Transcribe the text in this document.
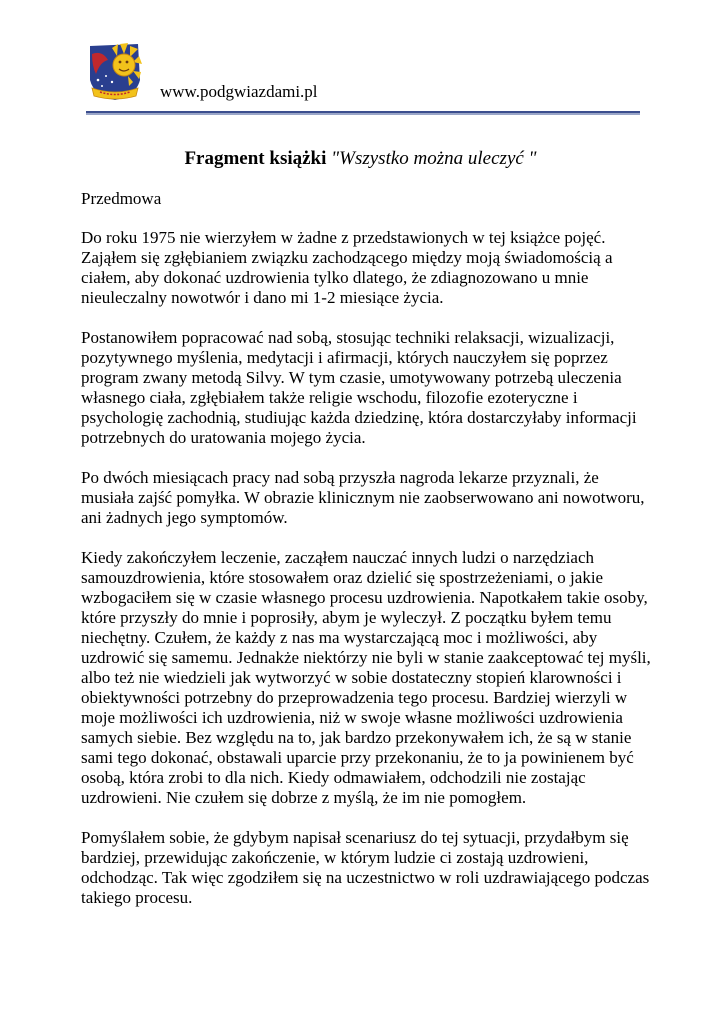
www.podgwiazdami.pl
Fragment książki "Wszystko można uleczyć "

Przedmowa

Do roku 1975 nie wierzyłem w żadne z przedstawionych w tej książce pojęć. Zająłem się zgłębianiem związku zachodzącego między moją świadomością a ciałem, aby dokonać uzdrowienia tylko dlatego, że zdiagnozowano u mnie nieuleczalny nowotwór i dano mi 1-2 miesiące życia.

Postanowiłem popracować nad sobą, stosując techniki relaksacji, wizualizacji, pozytywnego myślenia, medytacji i afirmacji, których nauczyłem się poprzez program zwany metodą Silvy. W tym czasie, umotywowany potrzebą uleczenia własnego ciała, zgłębiałem także religie wschodu, filozofie ezoteryczne i psychologię zachodnią, studiując każda dziedzinę, która dostarczyłaby informacji potrzebnych do uratowania mojego życia.

Po dwóch miesiącach pracy nad sobą przyszła nagroda lekarze przyznali, że musiała zajść pomyłka. W obrazie klinicznym nie zaobserwowano ani nowotworu, ani żadnych jego symptomów.

Kiedy zakończyłem leczenie, zacząłem nauczać innych ludzi o narzędziach samouzdrowienia, które stosowałem oraz dzielić się spostrzeżeniami, o jakie wzbogaciłem się w czasie własnego procesu uzdrowienia. Napotkałem takie osoby, które przyszły do mnie i poprosiły, abym je wyleczył. Z początku byłem temu niechętny. Czułem, że każdy z nas ma wystarczającą moc i możliwości, aby uzdrowić się samemu. Jednakże niektórzy nie byli w stanie zaakceptować tej myśli, albo też nie wiedzieli jak wytworzyć w sobie dostateczny stopień klarowności i obiektywności potrzebny do przeprowadzenia tego procesu. Bardziej wierzyli w moje możliwości ich uzdrowienia, niż w swoje własne możliwości uzdrowienia samych siebie. Bez względu na to, jak bardzo przekonywałem ich, że są w stanie sami tego dokonać, obstawali uparcie przy przekonaniu, że to ja powinienem być osobą, która zrobi to dla nich. Kiedy odmawiałem, odchodzili nie zostając uzdrowieni. Nie czułem się dobrze z myślą, że im nie pomogłem.

Pomyślałem sobie, że gdybym napisał scenariusz do tej sytuacji, przydałbym się bardziej, przewidując zakończenie, w którym ludzie ci zostają uzdrowieni, odchodząc. Tak więc zgodziłem się na uczestnictwo w roli uzdrawiającego podczas takiego procesu.
